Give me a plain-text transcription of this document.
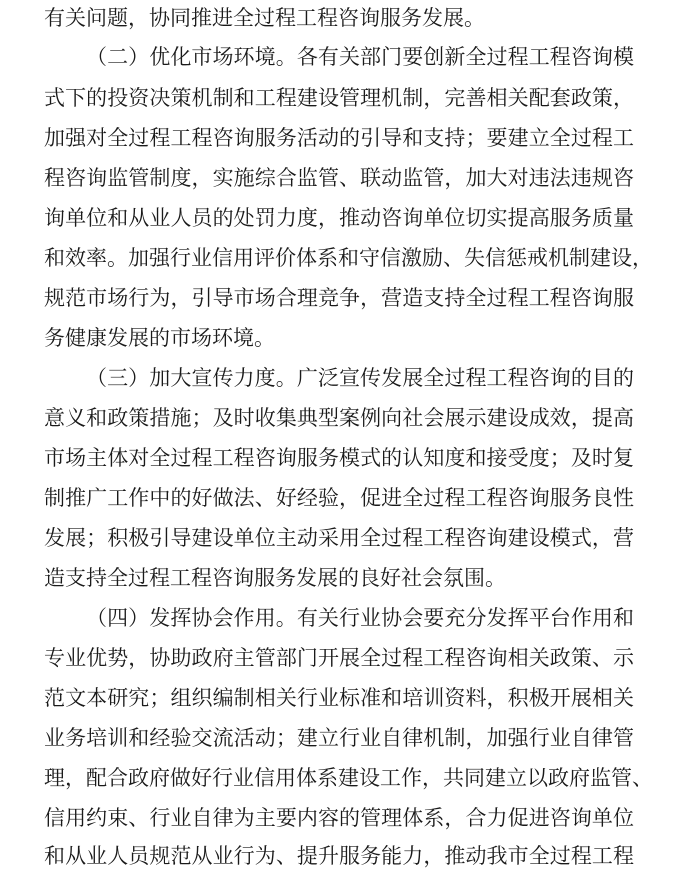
有关问题，协同推进全过程工程咨询服务发展。
（二）优化市场环境。各有关部门要创新全过程工程咨询模
式下的投资决策机制和工程建设管理机制，完善相关配套政策，
加强对全过程工程咨询服务活动的引导和支持；要建立全过程工
程咨询监管制度，实施综合监管、联动监管，加大对违法违规咨
询单位和从业人员的处罚力度，推动咨询单位切实提高服务质量
和效率。加强行业信用评价体系和守信激励、失信惩戒机制建设，
规范市场行为，引导市场合理竞争，营造支持全过程工程咨询服
务健康发展的市场环境。
（三）加大宣传力度。广泛宣传发展全过程工程咨询的目的
意义和政策措施；及时收集典型案例向社会展示建设成效，提高
市场主体对全过程工程咨询服务模式的认知度和接受度；及时复
制推广工作中的好做法、好经验，促进全过程工程咨询服务良性
发展；积极引导建设单位主动采用全过程工程咨询建设模式，营
造支持全过程工程咨询服务发展的良好社会氛围。
（四）发挥协会作用。有关行业协会要充分发挥平台作用和
专业优势，协助政府主管部门开展全过程工程咨询相关政策、示
范文本研究；组织编制相关行业标准和培训资料，积极开展相关
业务培训和经验交流活动；建立行业自律机制，加强行业自律管
理，配合政府做好行业信用体系建设工作，共同建立以政府监管、
信用约束、行业自律为主要内容的管理体系，合力促进咨询单位
和从业人员规范从业行为、提升服务能力，推动我市全过程工程
